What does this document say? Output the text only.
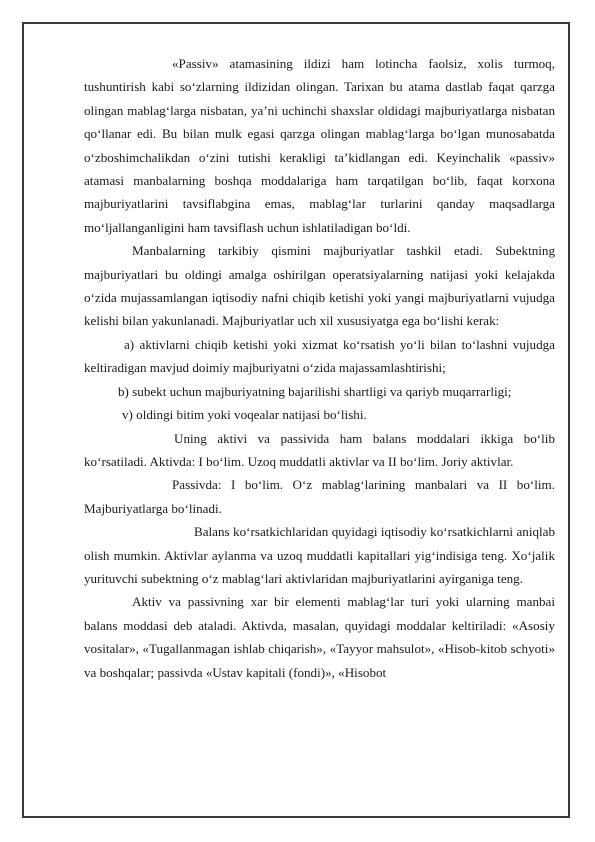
«Passiv» atamasining ildizi ham lotincha faolsiz, xolis turmoq, tushuntirish kabi so‘zlarning ildizidan olingan. Tarixan bu atama dastlab faqat qarzga olingan mablag‘larga nisbatan, ya’ni uchinchi shaxslar oldidagi majburiyatlarga nisbatan qo‘llanar edi. Bu bilan mulk egasi qarzga olingan mablag‘larga bo‘lgan munosabatda o‘zboshimchalikdan o‘zini tutishi kerakligi ta’kidlangan edi. Keyinchalik «passiv» atamasi manbalarning boshqa moddalariga ham tarqatilgan bo‘lib, faqat korxona majburiyatlarini tavsiflabgina emas, mablag‘lar turlarini qanday maqsadlarga mo‘ljallanganligini ham tavsiflash uchun ishlatiladigan bo‘ldi.

Manbalarning tarkibiy qismini majburiyatlar tashkil etadi. Subektning majburiyatlari bu oldingi amalga oshirilgan operatsiyalarning natijasi yoki kelajakda o‘zida mujassamlangan iqtisodiy nafni chiqib ketishi yoki yangi majburiyatlarni vujudga kelishi bilan yakunlanadi. Majburiyatlar uch xil xususiyatga ega bo‘lishi kerak:

a) aktivlarni chiqib ketishi yoki xizmat ko‘rsatish yo‘li bilan to‘lashni vujudga keltiradigan mavjud doimiy majburiyatni o‘zida majassamlashtirishi;

b) subekt uchun majburiyatning bajarilishi shartligi va qariyb muqarrarligi;

v) oldingi bitim yoki voqealar natijasi bo‘lishi.

Uning aktivi va passivida ham balans moddalari ikkiga bo‘lib ko‘rsatiladi. Aktivda: I bo‘lim. Uzoq muddatli aktivlar va II bo‘lim. Joriy aktivlar.

Passivda: I bo‘lim. O‘z mablag‘larining manbalari va II bo‘lim. Majburiyatlarga bo‘linadi.

Balans ko‘rsatkichlaridan quyidagi iqtisodiy ko‘rsatkichlarni aniqlab olish mumkin. Aktivlar aylanma va uzoq muddatli kapitallari yig‘indisiga teng. Xo‘jalik yurituvchi subektning o‘z mablag‘lari aktivlaridan majburiyatlarini ayirganiga teng.

Aktiv va passivning xar bir elementi mablag‘lar turi yoki ularning manbai balans moddasi deb ataladi. Aktivda, masalan, quyidagi moddalar keltiriladi: «Asosiy vositalar», «Tugallanmagan ishlab chiqarish», «Tayyor mahsulot», «Hisob-kitob schyoti» va boshqalar; passivda «Ustav kapitali (fondi)», «Hisobot
